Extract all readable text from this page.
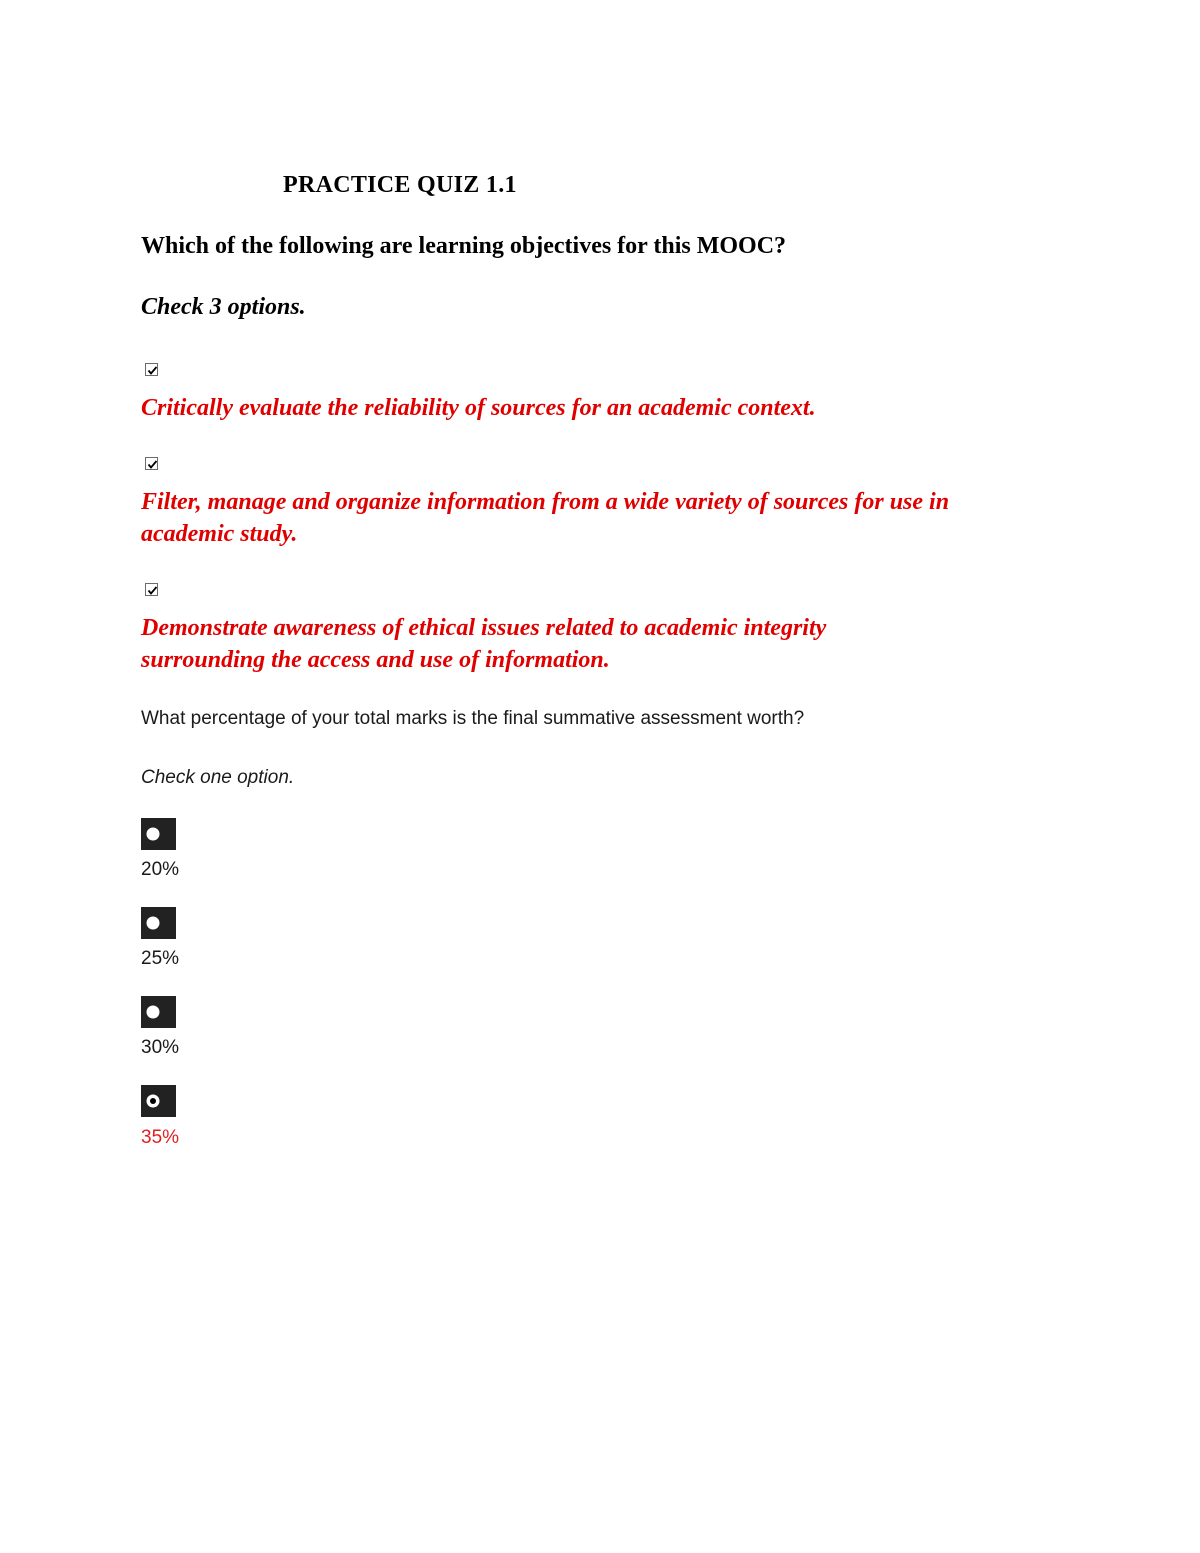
PRACTICE QUIZ 1.1
Which of the following are learning objectives for this MOOC?
Check 3 options.
Critically evaluate the reliability of sources for an academic context.
Filter, manage and organize information from a wide variety of sources for use in academic study.
Demonstrate awareness of ethical issues related to academic integrity surrounding the access and use of information.
What percentage of your total marks is the final summative assessment worth?
Check one option.
20%
25%
30%
35%
